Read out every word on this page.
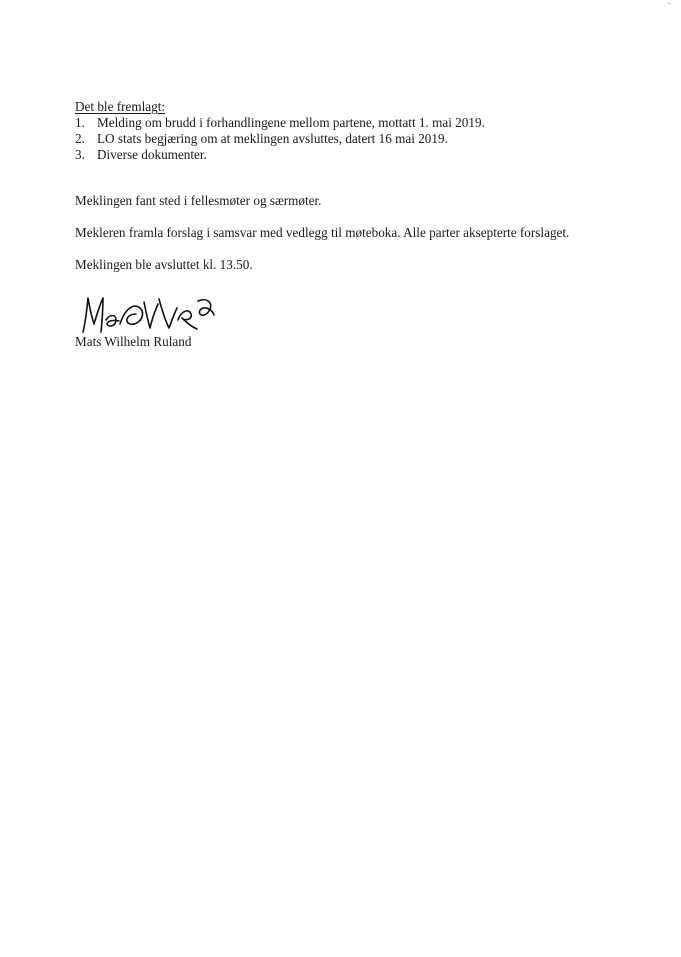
Det ble fremlagt:
1. Melding om brudd i forhandlingene mellom partene, mottatt 1. mai 2019.
2. LO stats begjæring om at meklingen avsluttes, datert 16 mai 2019.
3. Diverse dokumenter.
Meklingen fant sted i fellesmøter og særmøter.
Mekleren framla forslag i samsvar med vedlegg til møteboka. Alle parter aksepterte forslaget.
Meklingen ble avsluttet kl. 13.50.
Mats Wilhelm Ruland
